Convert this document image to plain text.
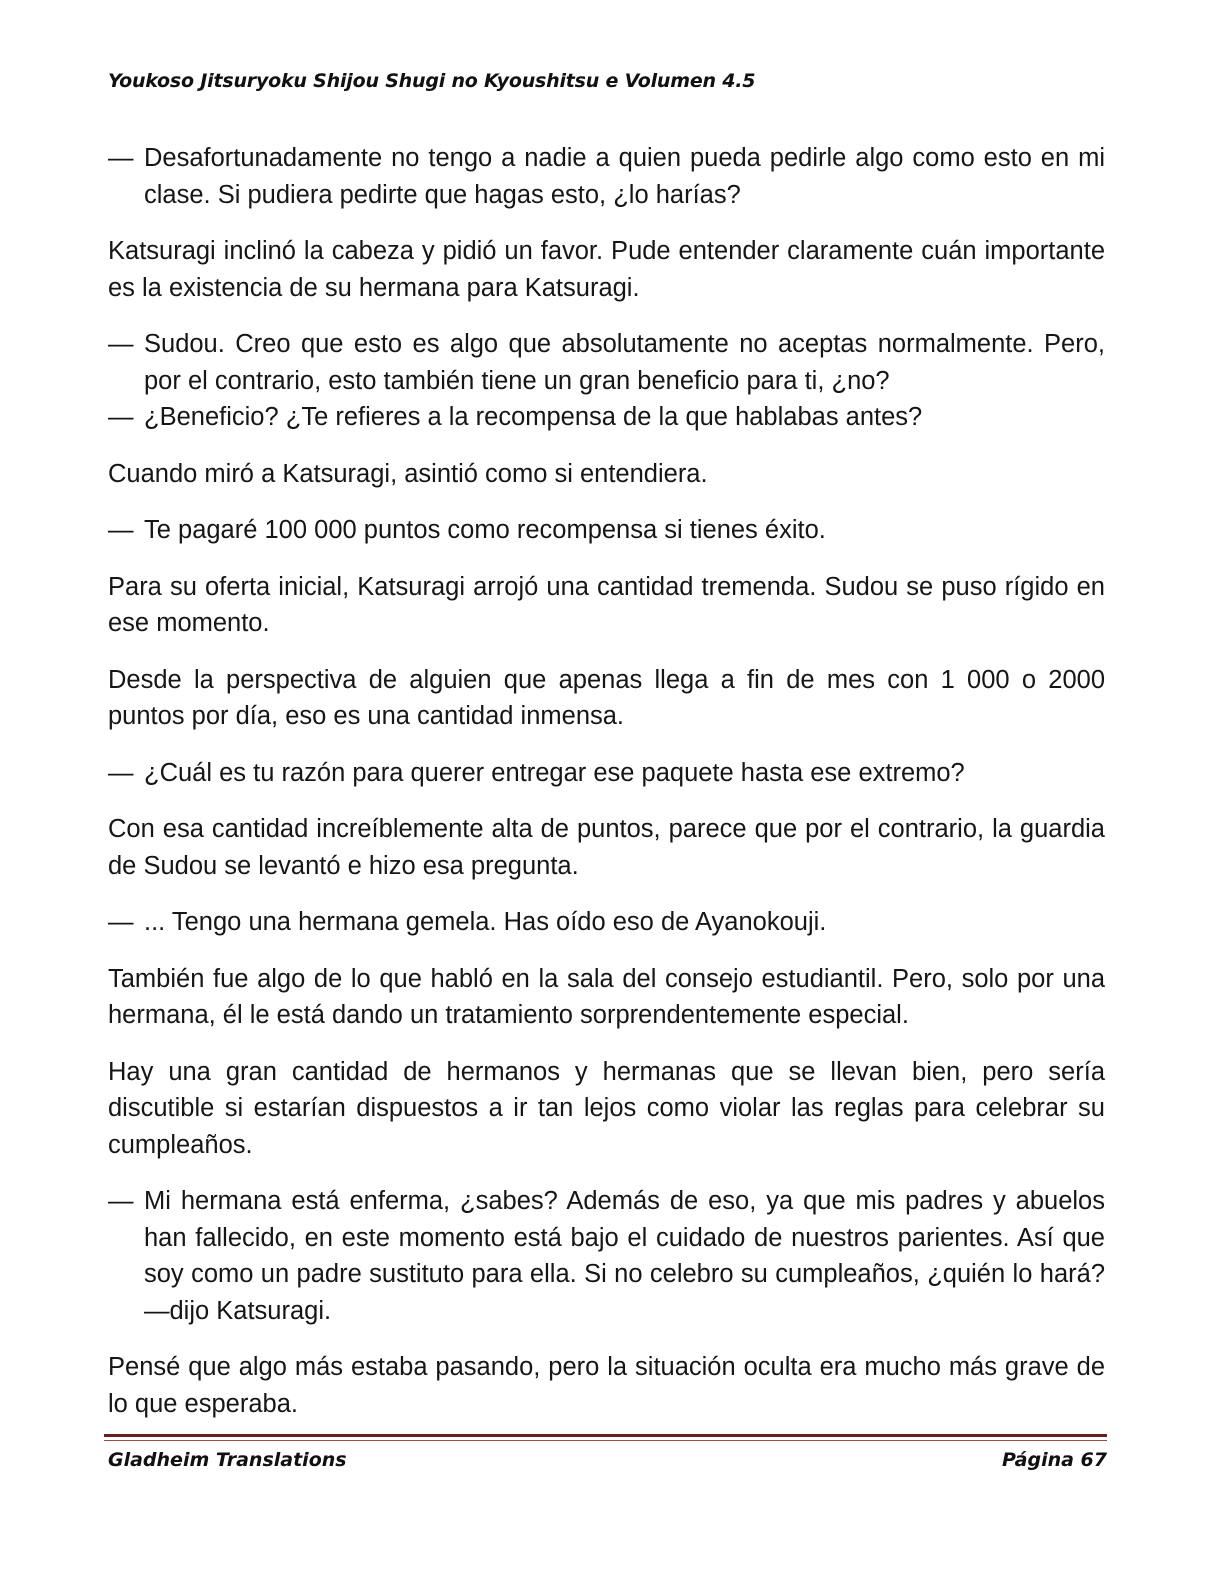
Youkoso Jitsuryoku Shijou Shugi no Kyoushitsu e Volumen 4.5
— Desafortunadamente no tengo a nadie a quien pueda pedirle algo como esto en mi clase. Si pudiera pedirte que hagas esto, ¿lo harías?

Katsuragi inclinó la cabeza y pidió un favor. Pude entender claramente cuán importante es la existencia de su hermana para Katsuragi.

— Sudou. Creo que esto es algo que absolutamente no aceptas normalmente. Pero, por el contrario, esto también tiene un gran beneficio para ti, ¿no?
— ¿Beneficio? ¿Te refieres a la recompensa de la que hablabas antes?

Cuando miró a Katsuragi, asintió como si entendiera.

— Te pagaré 100 000 puntos como recompensa si tienes éxito.

Para su oferta inicial, Katsuragi arrojó una cantidad tremenda. Sudou se puso rígido en ese momento.

Desde la perspectiva de alguien que apenas llega a fin de mes con 1 000 o 2000 puntos por día, eso es una cantidad inmensa.

— ¿Cuál es tu razón para querer entregar ese paquete hasta ese extremo?

Con esa cantidad increíblemente alta de puntos, parece que por el contrario, la guardia de Sudou se levantó e hizo esa pregunta.

— ... Tengo una hermana gemela. Has oído eso de Ayanokouji.

También fue algo de lo que habló en la sala del consejo estudiantil. Pero, solo por una hermana, él le está dando un tratamiento sorprendentemente especial.

Hay una gran cantidad de hermanos y hermanas que se llevan bien, pero sería discutible si estarían dispuestos a ir tan lejos como violar las reglas para celebrar su cumpleaños.

— Mi hermana está enferma, ¿sabes? Además de eso, ya que mis padres y abuelos han fallecido, en este momento está bajo el cuidado de nuestros parientes. Así que soy como un padre sustituto para ella. Si no celebro su cumpleaños, ¿quién lo hará? —dijo Katsuragi.

Pensé que algo más estaba pasando, pero la situación oculta era mucho más grave de lo que esperaba.

Gladheim Translations	Página 67
